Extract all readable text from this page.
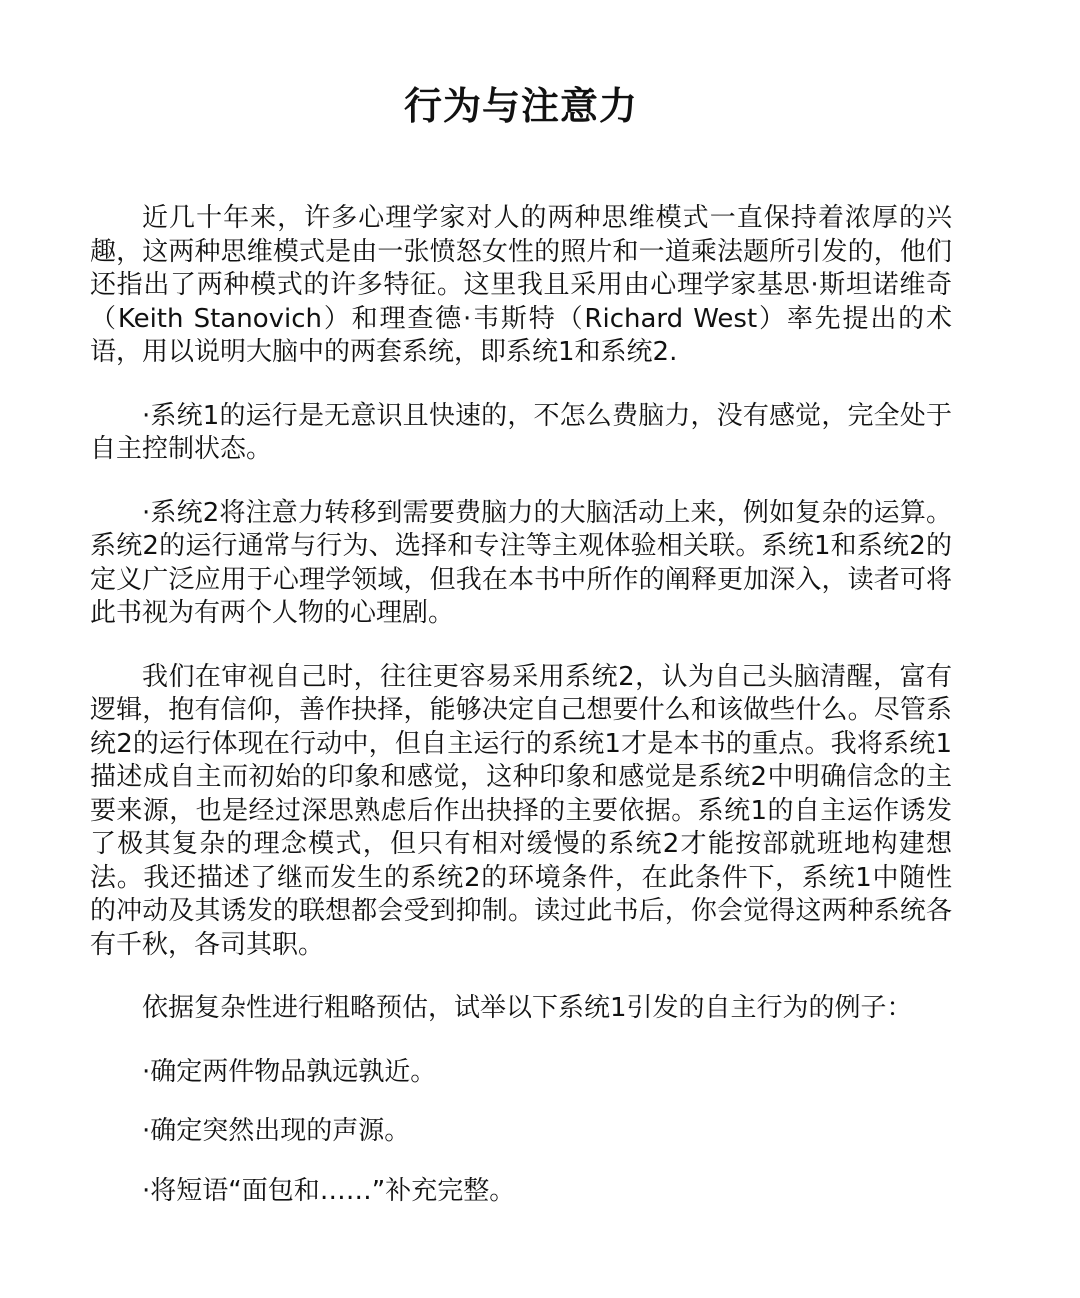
行为与注意力

近几十年来，许多心理学家对人的两种思维模式一直保持着浓厚的兴趣，这两种思维模式是由一张愤怒女性的照片和一道乘法题所引发的，他们还指出了两种模式的许多特征。这里我且采用由心理学家基思·斯坦诺维奇（Keith Stanovich）和理查德·韦斯特（Richard West）率先提出的术语，用以说明大脑中的两套系统，即系统1和系统2.

·系统1的运行是无意识且快速的，不怎么费脑力，没有感觉，完全处于自主控制状态。

·系统2将注意力转移到需要费脑力的大脑活动上来，例如复杂的运算。系统2的运行通常与行为、选择和专注等主观体验相关联。系统1和系统2的定义广泛应用于心理学领域，但我在本书中所作的阐释更加深入，读者可将此书视为有两个人物的心理剧。

我们在审视自己时，往往更容易采用系统2，认为自己头脑清醒，富有逻辑，抱有信仰，善作抉择，能够决定自己想要什么和该做些什么。尽管系统2的运行体现在行动中，但自主运行的系统1才是本书的重点。我将系统1描述成自主而初始的印象和感觉，这种印象和感觉是系统2中明确信念的主要来源，也是经过深思熟虑后作出抉择的主要依据。系统1的自主运作诱发了极其复杂的理念模式，但只有相对缓慢的系统2才能按部就班地构建想法。我还描述了继而发生的系统2的环境条件，在此条件下，系统1中随性的冲动及其诱发的联想都会受到抑制。读过此书后，你会觉得这两种系统各有千秋，各司其职。

依据复杂性进行粗略预估，试举以下系统1引发的自主行为的例子：

·确定两件物品孰远孰近。

·确定突然出现的声源。

·将短语“面包和……”补充完整。
